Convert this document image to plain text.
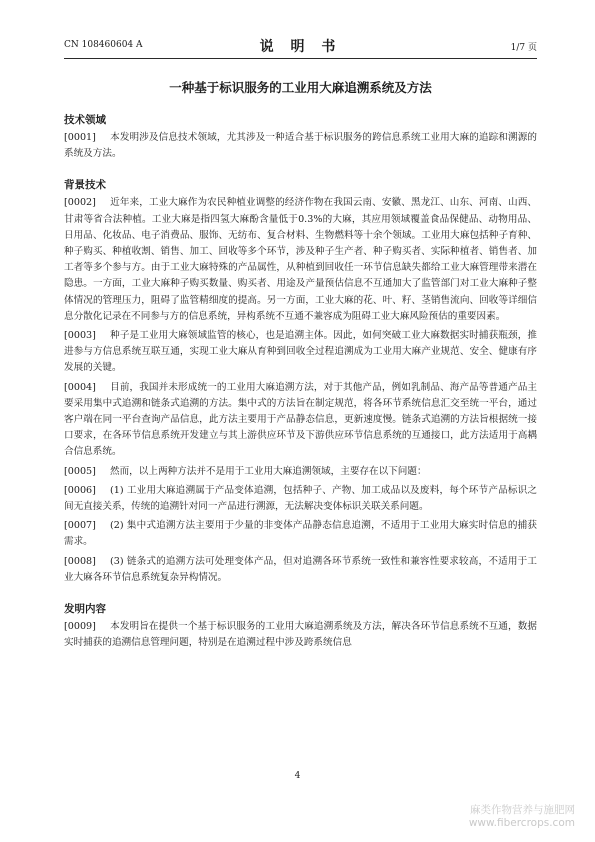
CN 108460604 A	说 明 书	1/7 页
一种基于标识服务的工业用大麻追溯系统及方法
技术领域

[0001] 本发明涉及信息技术领域，尤其涉及一种适合基于标识服务的跨信息系统工业用大麻的追踪和溯源的系统及方法。

背景技术

[0002] 近年来，工业大麻作为农民种植业调整的经济作物在我国云南、安徽、黑龙江、山东、河南、山西、甘肃等省合法种植。工业大麻是指四氢大麻酚含量低于0.3%的大麻，其应用领域覆盖食品保健品、动物用品、日用品、化妆品、电子消费品、服饰、无纺布、复合材料、生物燃料等十余个领域。工业用大麻包括种子育种、种子购买、种植收割、销售、加工、回收等多个环节，涉及种子生产者、种子购买者、实际种植者、销售者、加工者等多个参与方。由于工业大麻特殊的产品属性，从种植到回收任一环节信息缺失都给工业大麻管理带来潜在隐患。一方面，工业大麻种子购买数量、购买者、用途及产量预估信息不互通加大了监管部门对工业大麻种子整体情况的管理压力，阻碍了监管精细度的提高。另一方面，工业大麻的花、叶、籽、茎销售流向、回收等详细信息分散化记录在不同参与方的信息系统，异构系统不互通不兼容成为阻碍工业大麻风险预估的重要因素。

[0003] 种子是工业用大麻领域监管的核心，也是追溯主体。因此，如何突破工业大麻数据实时捕获瓶颈，推进参与方信息系统互联互通，实现工业大麻从育种到回收全过程追溯成为工业用大麻产业规范、安全、健康有序发展的关键。

[0004] 目前，我国并未形成统一的工业用大麻追溯方法，对于其他产品，例如乳制品、海产品等普通产品主要采用集中式追溯和链条式追溯的方法。集中式的方法旨在制定规范，将各环节系统信息汇交至统一平台，通过客户端在同一平台查询产品信息，此方法主要用于产品静态信息，更新速度慢。链条式追溯的方法旨根据统一接口要求，在各环节信息系统开发建立与其上游供应环节及下游供应环节信息系统的互通接口，此方法适用于高耦合信息系统。

[0005] 然而，以上两种方法并不是用于工业用大麻追溯领域，主要存在以下问题：

[0006] (1) 工业用大麻追溯属于产品变体追溯，包括种子、产物、加工成品以及废料，每个环节产品标识之间无直接关系，传统的追溯针对同一产品进行溯源，无法解决变体标识关联关系问题。

[0007] (2) 集中式追溯方法主要用于少量的非变体产品静态信息追溯，不适用于工业用大麻实时信息的捕获需求。

[0008] (3) 链条式的追溯方法可处理变体产品，但对追溯各环节系统一致性和兼容性要求较高，不适用于工业大麻各环节信息系统复杂异构情况。

发明内容

[0009] 本发明旨在提供一个基于标识服务的工业用大麻追溯系统及方法，解决各环节信息系统不互通，数据实时捕获的追溯信息管理问题，特别是在追溯过程中涉及跨系统信息

4
麻类作物营养与施肥网
www.fibercrops.com
